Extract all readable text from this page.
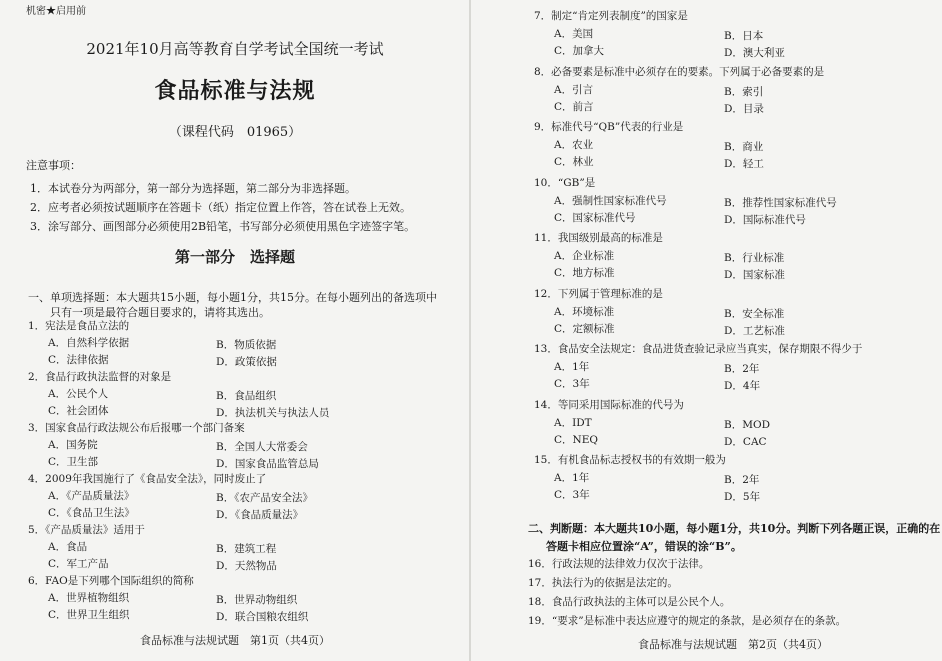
机密★启用前
2021年10月高等教育自学考试全国统一考试
食品标准与法规
（课程代码　01965）
注意事项：
1．本试卷分为两部分，第一部分为选择题，第二部分为非选择题。
2．应考者必须按试题顺序在答题卡（纸）指定位置上作答，答在试卷上无效。
3．涂写部分、画图部分必须使用2B铅笔，书写部分必须使用黑色字迹签字笔。
第一部分　选择题
一、单项选择题：本大题共15小题，每小题1分，共15分。在每小题列出的备选项中
只有一项是最符合题目要求的，请将其选出。
1．宪法是食品立法的
A．自然科学依据	B．物质依据
C．法律依据	D．政策依据
2．食品行政执法监督的对象是
A．公民个人	B．食品组织
C．社会团体	D．执法机关与执法人员
3．国家食品行政法规公布后报哪一个部门备案
A．国务院	B．全国人大常委会
C．卫生部	D．国家食品监管总局
4．2009年我国施行了《食品安全法》，同时废止了
A．《产品质量法》	B．《农产品安全法》
C．《食品卫生法》	D．《食品质量法》
5．《产品质量法》适用于
A．食品	B．建筑工程
C．军工产品	D．天然物品
6．FAO是下列哪个国际组织的简称
A．世界植物组织	B．世界动物组织
C．世界卫生组织	D．联合国粮农组织
食品标准与法规试题　第1页（共4页）
7．制定“肯定列表制度”的国家是
A．美国	B．日本
C．加拿大	D．澳大利亚
8．必备要素是标准中必须存在的要素。下列属于必备要素的是
A．引言	B．索引
C．前言	D．目录
9．标准代号“QB”代表的行业是
A．农业	B．商业
C．林业	D．轻工
10．“GB”是
A．强制性国家标准代号	B．推荐性国家标准代号
C．国家标准代号	D．国际标准代号
11．我国级别最高的标准是
A．企业标准	B．行业标准
C．地方标准	D．国家标准
12．下列属于管理标准的是
A．环境标准	B．安全标准
C．定额标准	D．工艺标准
13．食品安全法规定：食品进货查验记录应当真实，保存期限不得少于
A．1年	B．2年
C．3年	D．4年
14．等同采用国际标准的代号为
A．IDT	B．MOD
C．NEQ	D．CAC
15．有机食品标志授权书的有效期一般为
A．1年	B．2年
C．3年	D．5年
二、判断题：本大题共10小题，每小题1分，共10分。判断下列各题正误，正确的在
答题卡相应位置涂“A”，错误的涂“B”。
16．行政法规的法律效力仅次于法律。
17．执法行为的依据是法定的。
18．食品行政执法的主体可以是公民个人。
19．“要求”是标准中表达应遵守的规定的条款，是必须存在的条款。
食品标准与法规试题　第2页（共4页）
